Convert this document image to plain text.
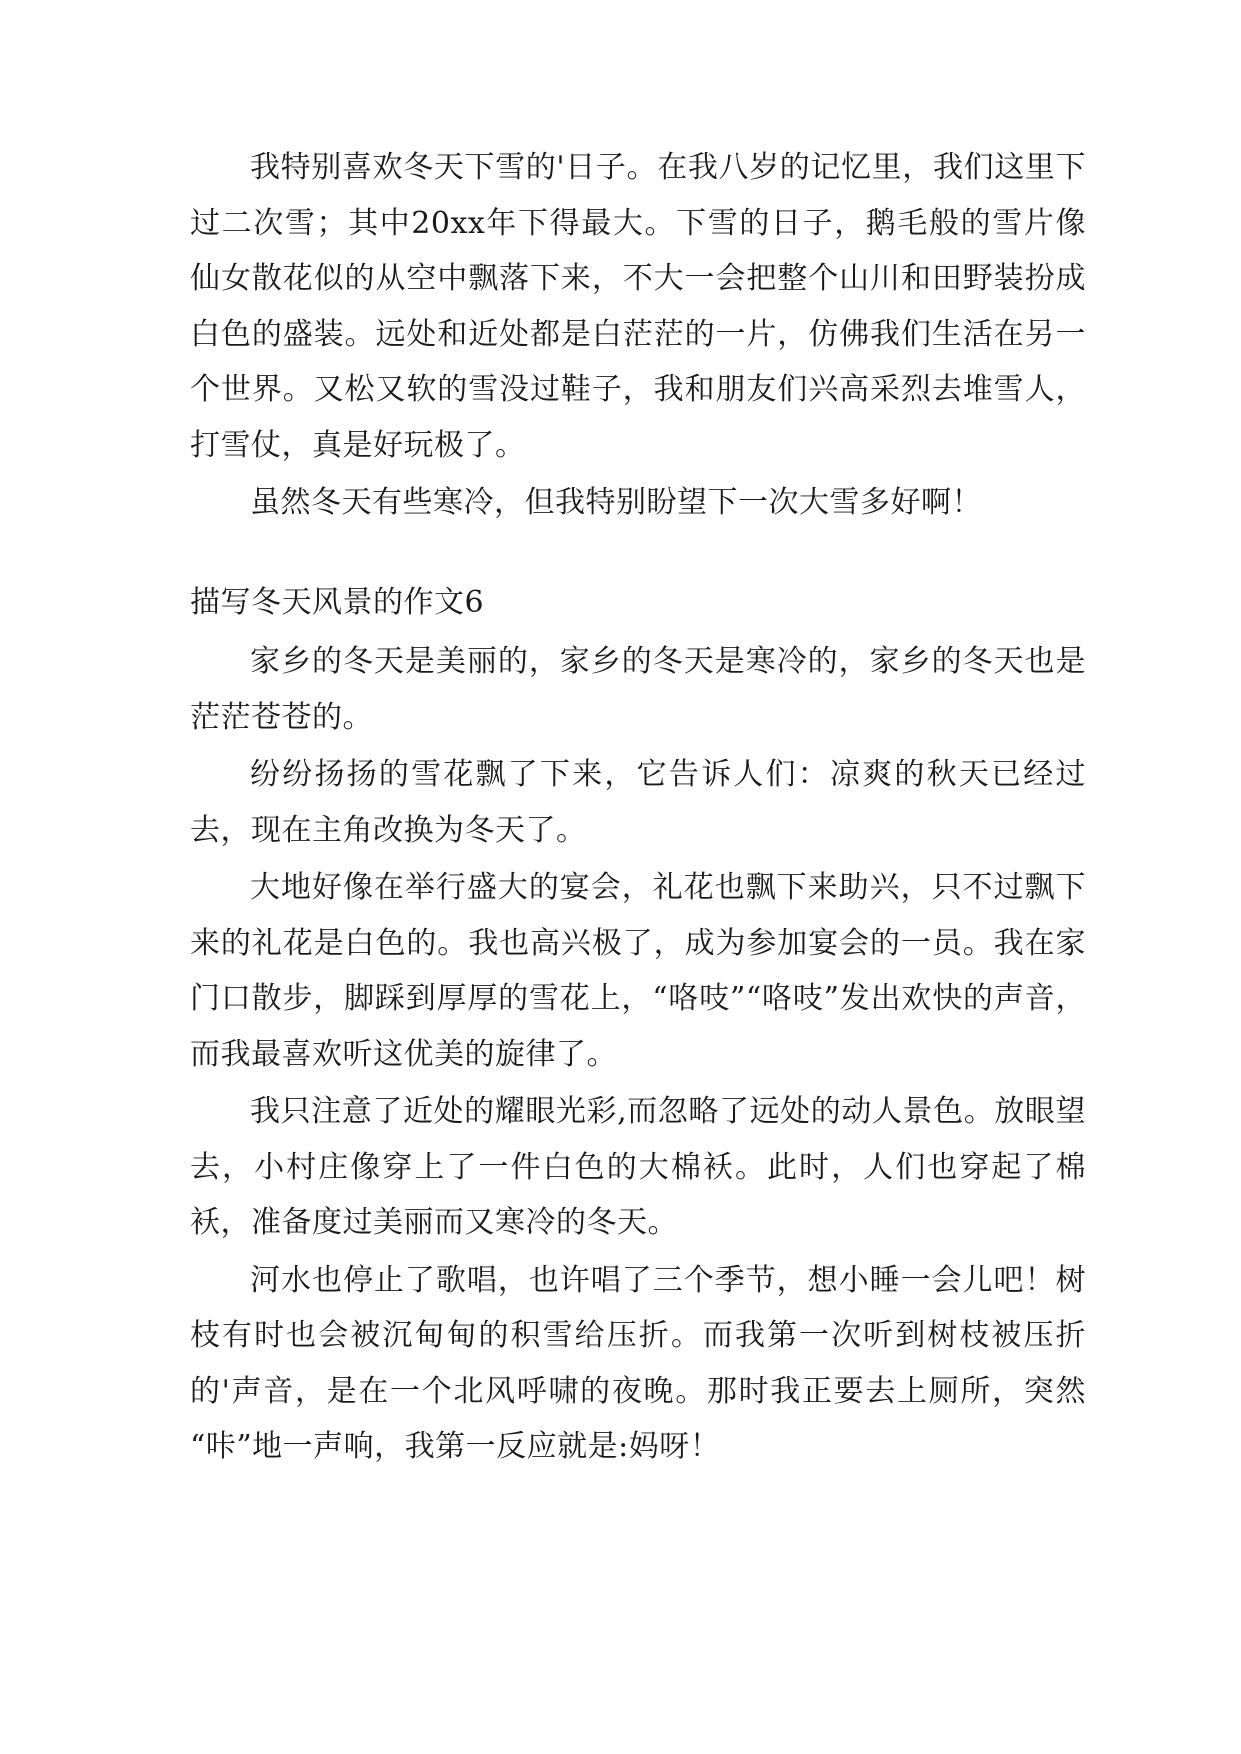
我特别喜欢冬天下雪的'日子。在我八岁的记忆里，我们这里下过二次雪；其中20xx年下得最大。下雪的日子，鹅毛般的雪片像仙女散花似的从空中飘落下来，不大一会把整个山川和田野装扮成白色的盛装。远处和近处都是白茫茫的一片，仿佛我们生活在另一个世界。又松又软的雪没过鞋子，我和朋友们兴高采烈去堆雪人，打雪仗，真是好玩极了。

虽然冬天有些寒冷，但我特别盼望下一次大雪多好啊！

描写冬天风景的作文6

家乡的冬天是美丽的，家乡的冬天是寒冷的，家乡的冬天也是茫茫苍苍的。

纷纷扬扬的雪花飘了下来，它告诉人们：凉爽的秋天已经过去，现在主角改换为冬天了。

大地好像在举行盛大的宴会，礼花也飘下来助兴，只不过飘下来的礼花是白色的。我也高兴极了，成为参加宴会的一员。我在家门口散步，脚踩到厚厚的雪花上，“咯吱”“咯吱”发出欢快的声音，而我最喜欢听这优美的旋律了。

我只注意了近处的耀眼光彩,而忽略了远处的动人景色。放眼望去，小村庄像穿上了一件白色的大棉袄。此时，人们也穿起了棉袄，准备度过美丽而又寒冷的冬天。

河水也停止了歌唱，也许唱了三个季节，想小睡一会儿吧！树枝有时也会被沉甸甸的积雪给压折。而我第一次听到树枝被压折的'声音，是在一个北风呼啸的夜晚。那时我正要去上厕所，突然“咔”地一声响，我第一反应就是:妈呀！
